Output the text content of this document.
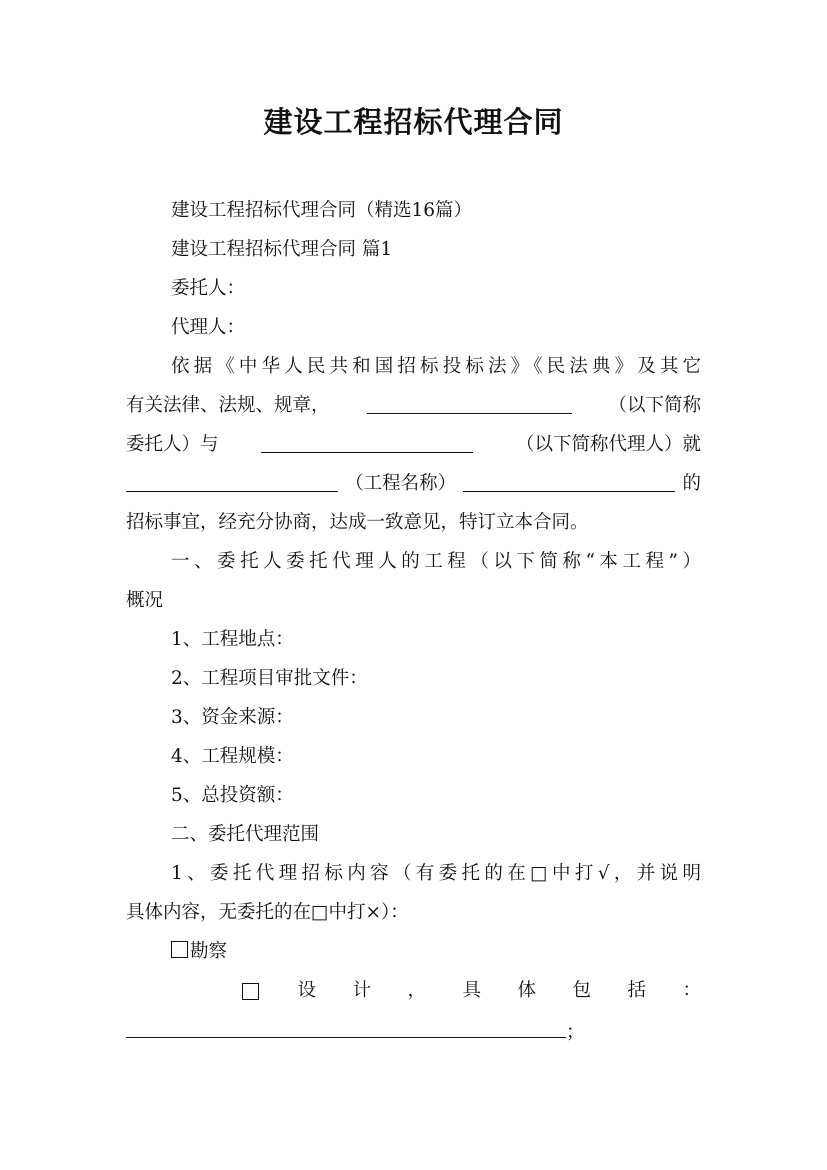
建设工程招标代理合同
建设工程招标代理合同（精选16篇）
建设工程招标代理合同 篇1
委托人：
代理人：
依据《中华人民共和国招标投标法》《民法典》及其它
有关法律、法规、规章，	（以下简称
委托人）与	（以下简称代理人）就
（工程名称）	的
招标事宜，经充分协商，达成一致意见，特订立本合同。
一、委托人委托代理人的工程（以下简称“本工程”）
概况
1、工程地点：
2、工程项目审批文件：
3、资金来源：
4、工程规模：
5、总投资额：
二、委托代理范围
1、委托代理招标内容（有委托的在□中打√，并说明
具体内容，无委托的在□中打×）：
勘察
设 计 ， 具 体 包 括 ：
；
